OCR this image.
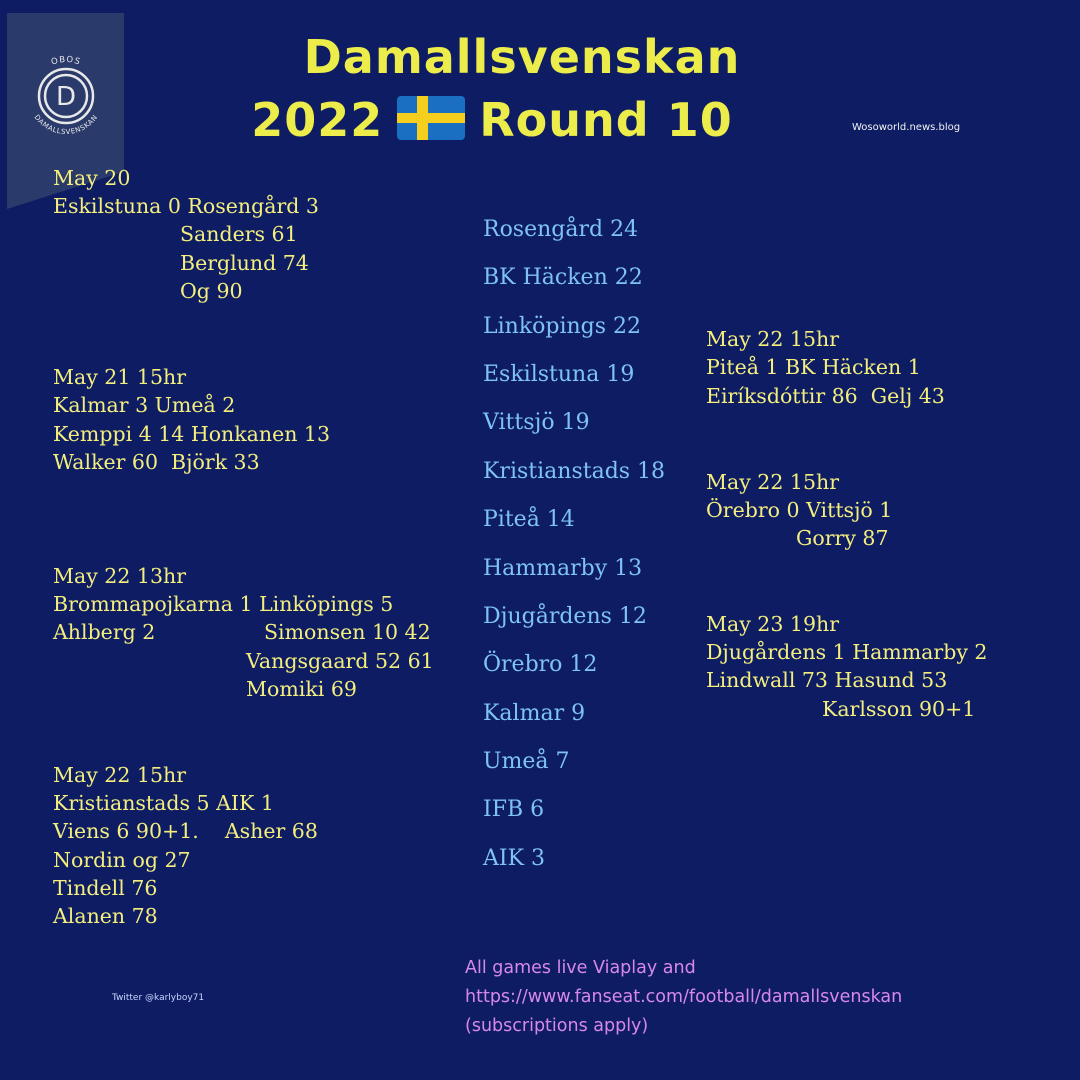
D
OBOS
DAMALLSVENSKAN
Damallsvenskan
2022 Round 10	Wosoworld.news.blog
May 20
Eskilstuna 0 Rosengård 3
Sanders 61
Berglund 74
Og 90
May 21 15hr
Kalmar 3 Umeå 2
Kemppi 4 14 Honkanen 13
Walker 60  Björk 33
May 22 13hr
Brommapojkarna 1 Linköpings 5
Ahlberg 2	Simonsen 10 42
Vangsgaard 52 61
Momiki 69
May 22 15hr
Kristianstads 5 AIK 1
Viens 6 90+1.    Asher 68
Nordin og 27
Tindell 76
Alanen 78
Rosengård 24
BK Häcken 22
Linköpings 22
Eskilstuna 19
Vittsjö 19
Kristianstads 18
Piteå 14
Hammarby 13
Djugårdens 12
Örebro 12
Kalmar 9
Umeå 7
IFB 6
AIK 3
May 22 15hr
Piteå 1 BK Häcken 1
Eiríksdóttir 86  Gelj 43
May 22 15hr
Örebro 0 Vittsjö 1
Gorry 87
May 23 19hr
Djugårdens 1 Hammarby 2
Lindwall 73 Hasund 53
Karlsson 90+1
All games live Viaplay and
https://www.fanseat.com/football/damallsvenskan
(subscriptions apply)
Twitter @karlyboy71
